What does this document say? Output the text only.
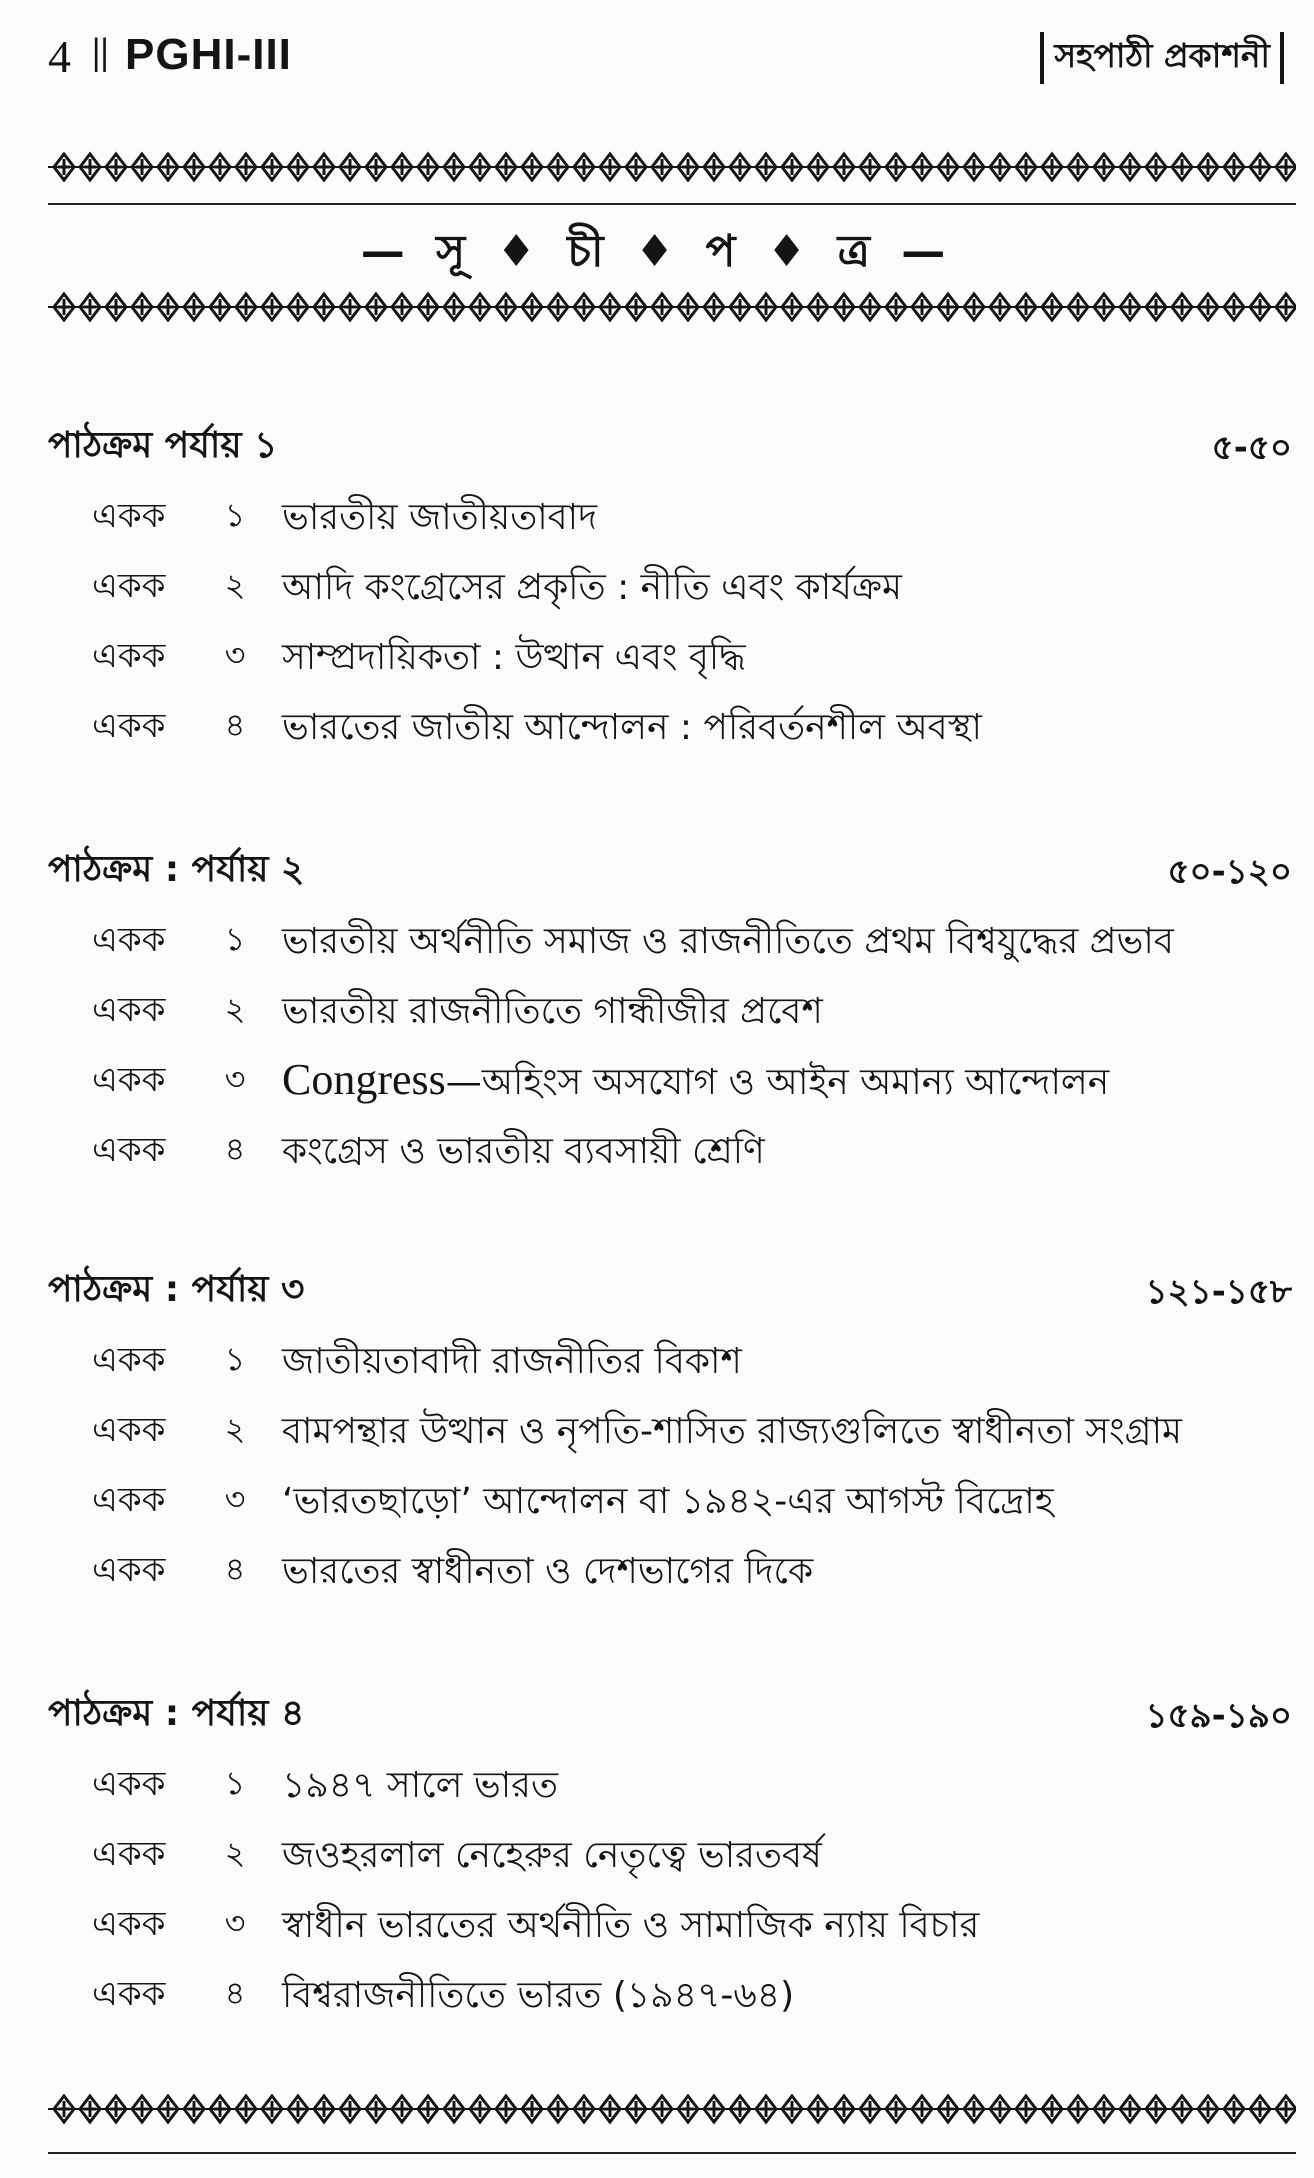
4 || PGHI-III	সহপাঠী প্রকাশনী
— সূ ♦ চী ♦ প ♦ ত্র —
পাঠক্রম পর্যায় ১	৫-৫০
একক ১ ভারতীয় জাতীয়তাবাদ
একক ২ আদি কংগ্রেসের প্রকৃতি : নীতি এবং কার্যক্রম
একক ৩ সাম্প্রদায়িকতা : উত্থান এবং বৃদ্ধি
একক ৪ ভারতের জাতীয় আন্দোলন : পরিবর্তনশীল অবস্থা
পাঠক্রম : পর্যায় ২	৫০-১২০
একক ১ ভারতীয় অর্থনীতি সমাজ ও রাজনীতিতে প্রথম বিশ্বযুদ্ধের প্রভাব
একক ২ ভারতীয় রাজনীতিতে গান্ধীজীর প্রবেশ
একক ৩ Congress—অহিংস অসযোগ ও আইন অমান্য আন্দোলন
একক ৪ কংগ্রেস ও ভারতীয় ব্যবসায়ী শ্রেণি
পাঠক্রম : পর্যায় ৩	১২১-১৫৮
একক ১ জাতীয়তাবাদী রাজনীতির বিকাশ
একক ২ বামপন্থার উত্থান ও নৃপতি-শাসিত রাজ্যগুলিতে স্বাধীনতা সংগ্রাম
একক ৩ ‘ভারতছাড়ো’ আন্দোলন বা ১৯৪২-এর আগস্ট বিদ্রোহ
একক ৪ ভারতের স্বাধীনতা ও দেশভাগের দিকে
পাঠক্রম : পর্যায় ৪	১৫৯-১৯০
একক ১ ১৯৪৭ সালে ভারত
একক ২ জওহরলাল নেহেরুর নেতৃত্বে ভারতবর্ষ
একক ৩ স্বাধীন ভারতের অর্থনীতি ও সামাজিক ন্যায় বিচার
একক ৪ বিশ্বরাজনীতিতে ভারত (১৯৪৭-৬৪)
